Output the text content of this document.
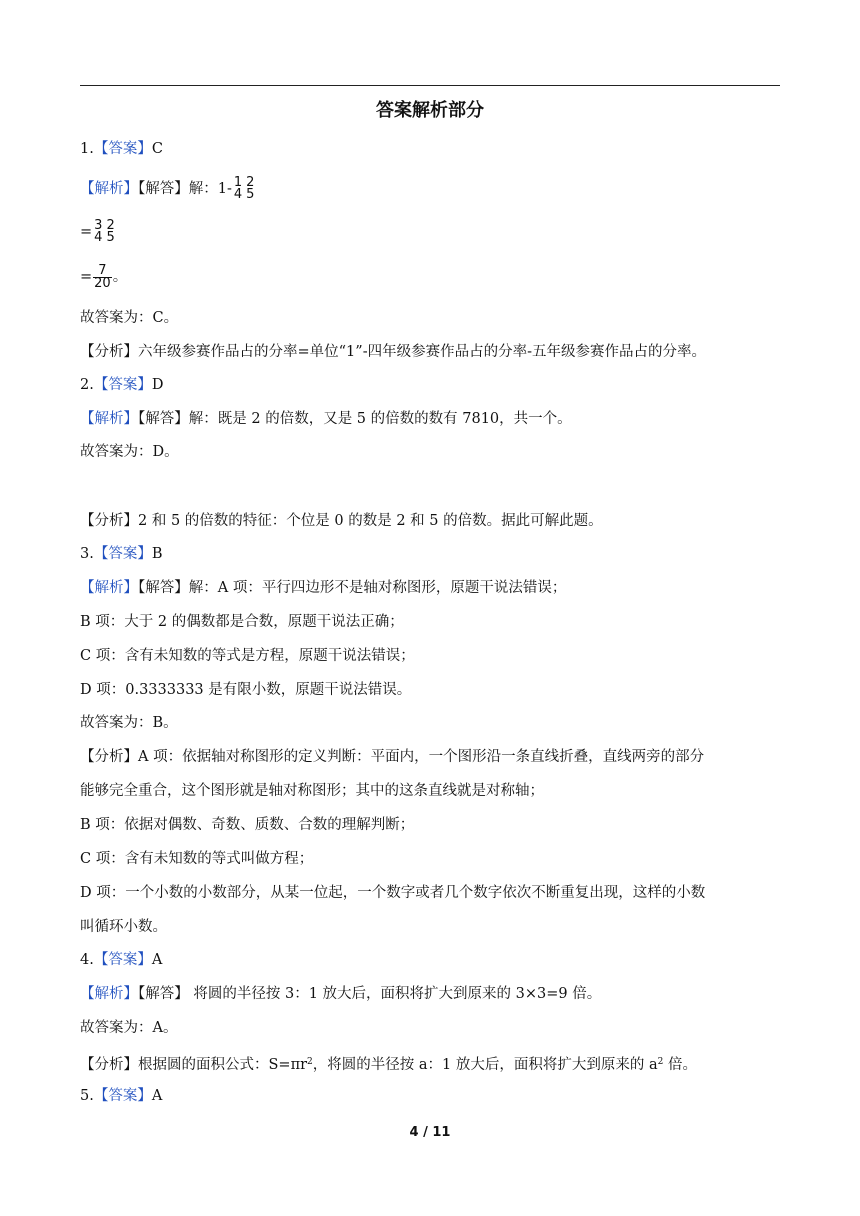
答案解析部分
1.【答案】C
【解析】【解答】解：1- 1
4
2
5
= 3
4
2
5
= $\frac{7}{20}$ 。
故答案为：C。
【分析】六年级参赛作品占的分率=单位“1”-四年级参赛作品占的分率-五年级参赛作品占的分率。
2.【答案】D
【解析】【解答】解：既是 2 的倍数，又是 5 的倍数的数有 7810，共一个。
故答案为：D。
【分析】2 和 5 的倍数的特征：个位是 0 的数是 2 和 5 的倍数。据此可解此题。
3.【答案】B
【解析】【解答】解：A 项：平行四边形不是轴对称图形，原题干说法错误；
B 项：大于 2 的偶数都是合数，原题干说法正确；
C 项：含有未知数的等式是方程，原题干说法错误；
D 项：0.3333333 是有限小数，原题干说法错误。
故答案为：B。
【分析】A 项：依据轴对称图形的定义判断：平面内，一个图形沿一条直线折叠，直线两旁的部分
能够完全重合，这个图形就是轴对称图形；其中的这条直线就是对称轴；
B 项：依据对偶数、奇数、质数、合数的理解判断；
C 项：含有未知数的等式叫做方程；
D 项：一个小数的小数部分，从某一位起，一个数字或者几个数字依次不断重复出现，这样的小数
叫循环小数。
4.【答案】A
【解析】【解答】 将圆的半径按 3：1 放大后，面积将扩大到原来的 3×3=9 倍。
故答案为：A。
【分析】根据圆的面积公式：$S=\pi r^2$，将圆的半径按 a：1 放大后，面积将扩大到原来的 $a^2$ 倍。
5.【答案】A
4 / 11
